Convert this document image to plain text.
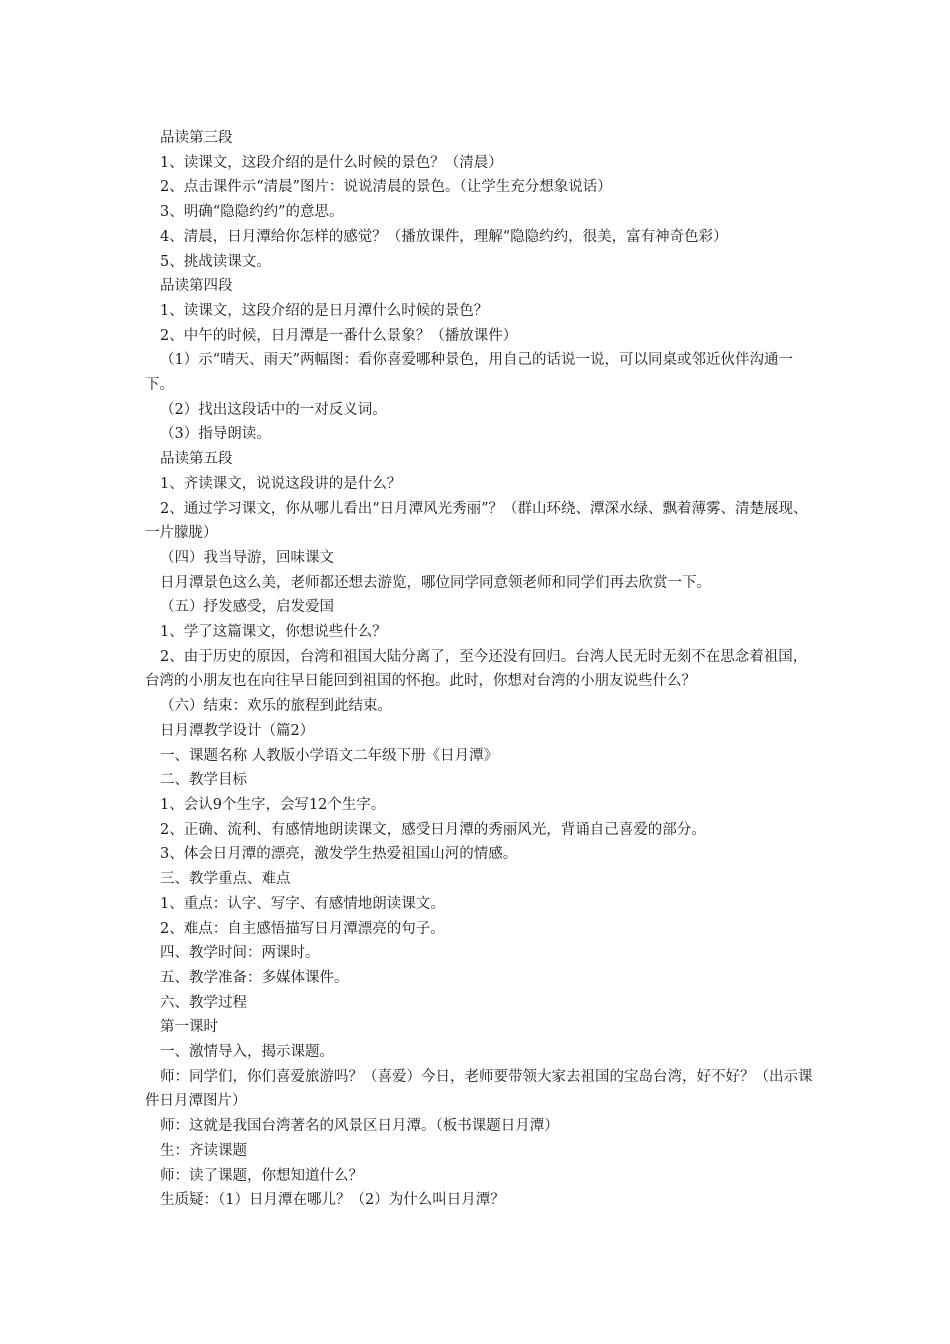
品读第三段

1、读课文，这段介绍的是什么时候的景色？（清晨）

2、点击课件示“清晨”图片：说说清晨的景色。（让学生充分想象说话）

3、明确“隐隐约约”的意思。

4、清晨，日月潭给你怎样的感觉？（播放课件，理解“隐隐约约，很美，富有神奇色彩）

5、挑战读课文。

品读第四段

1、读课文，这段介绍的是日月潭什么时候的景色？

2、中午的时候，日月潭是一番什么景象？（播放课件）

（1）示“晴天、雨天”两幅图：看你喜爱哪种景色，用自己的话说一说，可以同桌或邻近伙伴沟通一下。

（2）找出这段话中的一对反义词。

（3）指导朗读。

品读第五段

1、齐读课文，说说这段讲的是什么？

2、通过学习课文，你从哪儿看出“日月潭风光秀丽”？（群山环绕、潭深水绿、飘着薄雾、清楚展现、一片朦胧）

（四）我当导游，回味课文

日月潭景色这么美，老师都还想去游览，哪位同学同意领老师和同学们再去欣赏一下。

（五）抒发感受，启发爱国

1、学了这篇课文，你想说些什么？

2、由于历史的原因，台湾和祖国大陆分离了，至今还没有回归。台湾人民无时无刻不在思念着祖国，台湾的小朋友也在向往早日能回到祖国的怀抱。此时，你想对台湾的小朋友说些什么？

（六）结束：欢乐的旅程到此结束。

日月潭教学设计（篇2）

一、课题名称 人教版小学语文二年级下册《日月潭》

二、教学目标

1、会认9个生字，会写12个生字。

2、正确、流利、有感情地朗读课文，感受日月潭的秀丽风光，背诵自己喜爱的部分。

3、体会日月潭的漂亮，激发学生热爱祖国山河的情感。

三、教学重点、难点

1、重点：认字、写字、有感情地朗读课文。

2、难点：自主感悟描写日月潭漂亮的句子。

四、教学时间：两课时。

五、教学准备：多媒体课件。

六、教学过程

第一课时

一、激情导入，揭示课题。

师：同学们，你们喜爱旅游吗？（喜爱）今日，老师要带领大家去祖国的宝岛台湾，好不好？（出示课件日月潭图片）

师：这就是我国台湾著名的风景区日月潭。（板书课题日月潭）

生：齐读课题

师：读了课题，你想知道什么？

生质疑：（1）日月潭在哪儿？（2）为什么叫日月潭？
